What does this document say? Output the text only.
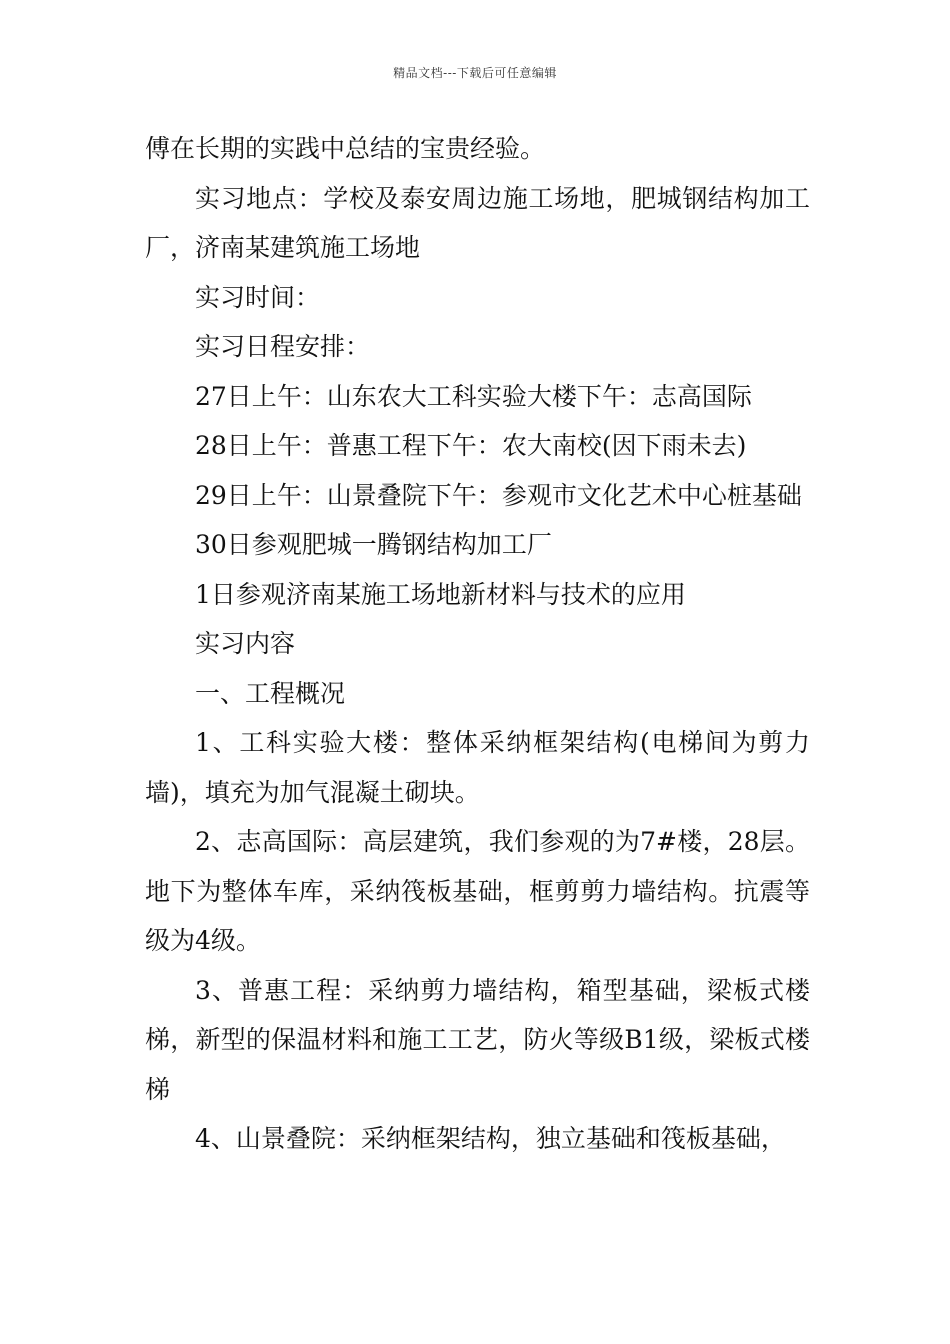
精品文档---下载后可任意编辑

傅在长期的实践中总结的宝贵经验。

实习地点：学校及泰安周边施工场地，肥城钢结构加工厂，济南某建筑施工场地

实习时间：

实习日程安排：

27日上午：山东农大工科实验大楼下午：志高国际

28日上午：普惠工程下午：农大南校(因下雨未去)

29日上午：山景叠院下午：参观市文化艺术中心桩基础

30日参观肥城一腾钢结构加工厂

1日参观济南某施工场地新材料与技术的应用

实习内容

一、工程概况

1、工科实验大楼：整体采纳框架结构(电梯间为剪力墙)，填充为加气混凝土砌块。

2、志高国际：高层建筑，我们参观的为7#楼，28层。地下为整体车库，采纳筏板基础，框剪剪力墙结构。抗震等级为4级。

3、普惠工程：采纳剪力墙结构，箱型基础，梁板式楼梯，新型的保温材料和施工工艺，防火等级B1级，梁板式楼梯

4、山景叠院：采纳框架结构，独立基础和筏板基础，
